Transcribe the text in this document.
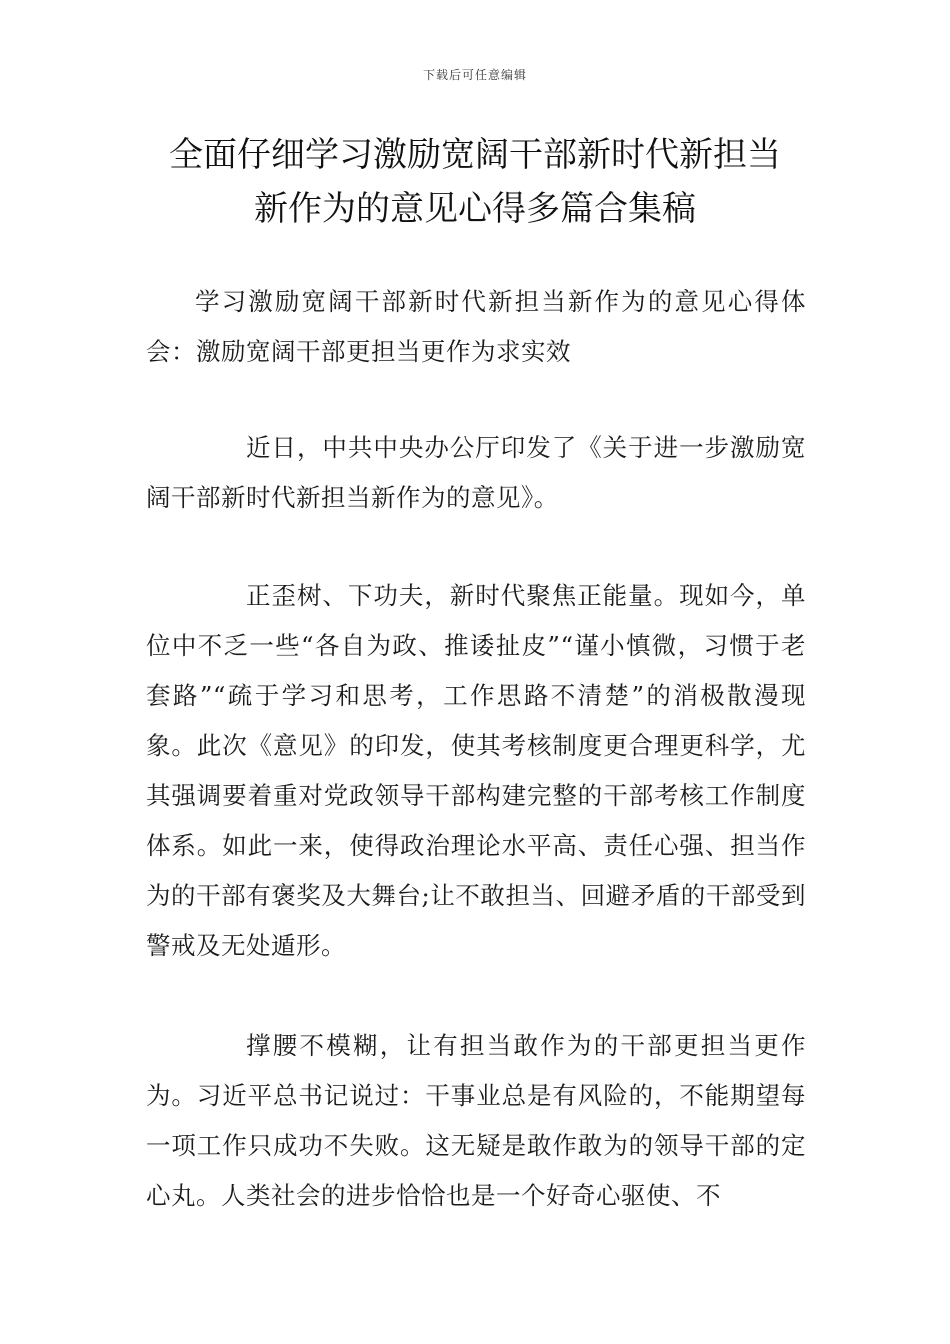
下载后可任意编辑
全面仔细学习激励宽阔干部新时代新担当
新作为的意见心得多篇合集稿

学习激励宽阔干部新时代新担当新作为的意见心得体会：激励宽阔干部更担当更作为求实效

近日，中共中央办公厅印发了《关于进一步激励宽阔干部新时代新担当新作为的意见》。

正歪树、下功夫，新时代聚焦正能量。现如今，单位中不乏一些“各自为政、推诿扯皮”“谨小慎微，习惯于老套路”“疏于学习和思考，工作思路不清楚”的消极散漫现象。此次《意见》的印发，使其考核制度更合理更科学，尤其强调要着重对党政领导干部构建完整的干部考核工作制度体系。如此一来，使得政治理论水平高、责任心强、担当作为的干部有褒奖及大舞台;让不敢担当、回避矛盾的干部受到警戒及无处遁形。

撑腰不模糊，让有担当敢作为的干部更担当更作为。习近平总书记说过：干事业总是有风险的，不能期望每一项工作只成功不失败。这无疑是敢作敢为的领导干部的定心丸。人类社会的进步恰恰也是一个好奇心驱使、不
